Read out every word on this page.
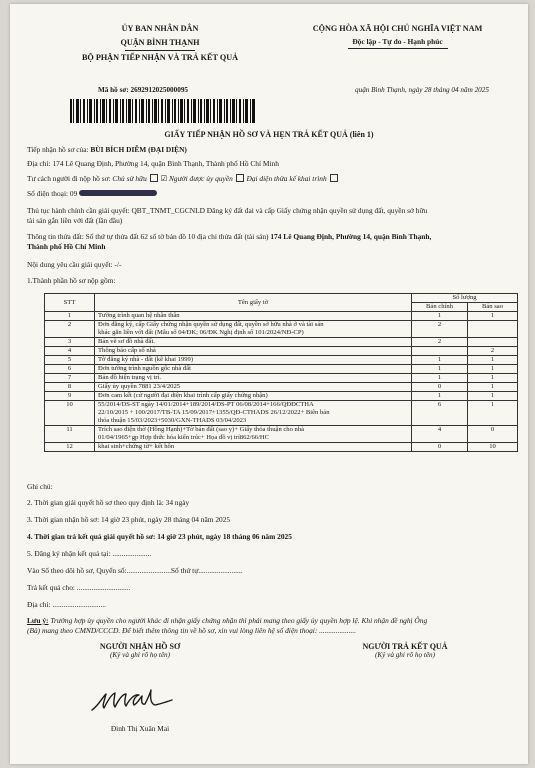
ỦY BAN NHÂN DÂN
QUẬN BÌNH THẠNH
BỘ PHẬN TIẾP NHẬN VÀ TRẢ KẾT QUẢ
CỘNG HÒA XÃ HỘI CHỦ NGHĨA VIỆT NAM
Độc lập - Tự do - Hạnh phúc
Mã hồ sơ: 2692912025000095	quận Bình Thạnh, ngày 28 tháng 04 năm 2025
GIẤY TIẾP NHẬN HỒ SƠ VÀ HẸN TRẢ KẾT QUẢ (liên 1)
Tiếp nhận hồ sơ của: BÙI BÍCH DIỄM (ĐẠI DIỆN)
Địa chỉ: 174 Lê Quang Định, Phường 14, quận Bình Thạnh, Thành phố Hồ Chí Minh
Tư cách người đi nộp hồ sơ: Chủ sử hữu ☑ Người được ủy quyền Đại diện thừa kế khai trình
Số điện thoại: 09
Thủ tục hành chính cần giải quyết: QBT_TNMT_CGCNLD Đăng ký đất đai và cấp Giấy chứng nhận quyền sử dụng đất, quyền sở hữu
tài sản gắn liền với đất (lần đầu)
Thông tin thửa đất: Số thứ tự thửa đất 62 số tờ bản đồ 10 địa chỉ thửa đất (tài sản) 174 Lê Quang Định, Phường 14, quận Bình Thạnh,
Thành phố Hồ Chí Minh
Nội dung yêu cầu giải quyết: -/-
1.Thành phần hồ sơ nộp gồm:
STT	Tên giấy tờ	Số lượng	
		Bản chính	Bản sao
1	Tường trình quan hệ nhân thân	1	1
2	Đơn đăng ký, cấp Giấy chứng nhận quyền sử dụng đất, quyền sở hữu nhà ở và tài sản
khác gắn liền với đất (Mẫu số 04/ĐK; 06/ĐK Nghị định số 101/2024/NĐ-CP)	2	
3	Bản vẽ sơ đồ nhà đất.	2	
4	Thông báo cấp số nhà		2
5	Tờ đăng ký nhà - đất (kê khai 1999)	1	1
6	Đơn tường trình nguồn gốc nhà đất	1	1
7	Bản đồ hiện trạng vị trí.	1	1
8	Giấy ủy quyền 7881 23/4/2025	0	1
9	Đơn cam kết (cử người đại diện khai trình cấp giấy chứng nhận)	1	1
10	55/2014/DS-ST ngày 14/01/2014+189/2014/DS-PT 06/08/2014+166/QĐĐCTHA
22/10/2015 + 100/2017/TB-TA 15/09/2017+1355/QĐ-CTHADS 26/12/2022+ Biên bản
thỏa thuận 15/03/2023+5030/GXN-THADS 03/04/2023	6	1
11	Trích sao điện thờ (Hồng Hạnh)+Tờ bán đất (sao y)+ Giấy thỏa thuận cho nhà
01/04/1965+gp Hợp thức hóa kiến trúc+ Họa đồ vị trí862/66/HC	4	0
12	khai sinh+chứng từ+ kết hôn	0	10
Ghi chú:
2. Thời gian giải quyết hồ sơ theo quy định là: 34 ngày
3. Thời gian nhận hồ sơ: 14 giờ 23 phút, ngày 28 tháng 04 năm 2025
4. Thời gian trả kết quả giải quyết hồ sơ: 14 giờ 23 phút, ngày 18 tháng 06 năm 2025
5. Đăng ký nhận kết quả tại: .....................
Vào Sổ theo dõi hồ sơ, Quyển số:........................Số thứ tự........................
Trả kết quả cho: .............................
Địa chỉ: .............................
Lưu ý: Trường hợp ủy quyền cho người khác đi nhận giấy chứng nhận thì phải mang theo giấy ủy quyền hợp lệ. Khi nhận đề nghị Ông
(Bà) mang theo CMND/CCCD. Để biết thêm thông tin về hồ sơ, xin vui lòng liên hệ số điện thoại: ....................
NGƯỜI NHẬN HỒ SƠ
(Ký và ghi rõ họ tên)
NGƯỜI TRẢ KẾT QUẢ
(Ký và ghi rõ họ tên)
Đinh Thị Xuân Mai
